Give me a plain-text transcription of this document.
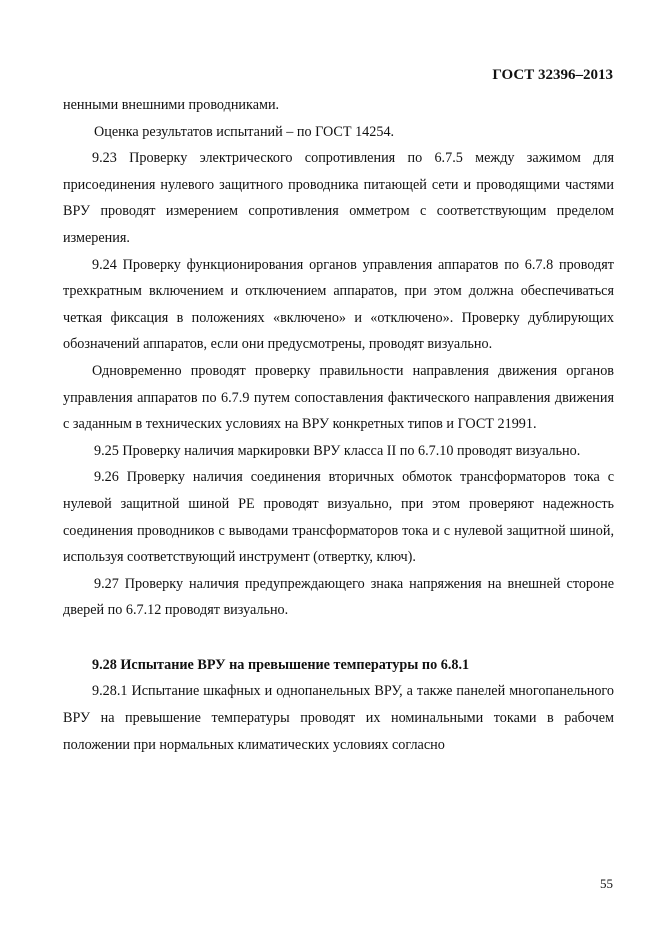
ГОСТ 32396–2013

ненными внешними проводниками.

Оценка результатов испытаний – по ГОСТ 14254.

9.23 Проверку электрического сопротивления по 6.7.5 между зажимом для присоединения нулевого защитного проводника питающей сети и проводящими частями ВРУ проводят измерением сопротивления омметром с соответствующим пределом измерения.

9.24 Проверку функционирования органов управления аппаратов по 6.7.8 проводят трехкратным включением и отключением аппаратов, при этом должна обеспечиваться четкая фиксация в положениях «включено» и «отключено». Проверку дублирующих обозначений аппаратов, если они предусмотрены, проводят визуально.

Одновременно проводят проверку правильности направления движения органов управления аппаратов по 6.7.9 путем сопоставления фактического направления движения с заданным в технических условиях на ВРУ конкретных типов и ГОСТ 21991.

9.25 Проверку наличия маркировки ВРУ класса II по 6.7.10 проводят визуально.

9.26 Проверку наличия соединения вторичных обмоток трансформаторов тока с нулевой защитной шиной PE проводят визуально, при этом проверяют надежность соединения проводников с выводами трансформаторов тока и с нулевой защитной шиной, используя соответствующий инструмент (отвертку, ключ).

9.27 Проверку наличия предупреждающего знака напряжения на внешней стороне дверей по 6.7.12 проводят визуально.

9.28 Испытание ВРУ на превышение температуры по 6.8.1

9.28.1 Испытание шкафных и однопанельных ВРУ, а также панелей многопанельного ВРУ на превышение температуры проводят их номинальными токами в рабочем положении при нормальных климатических условиях согласно

55
